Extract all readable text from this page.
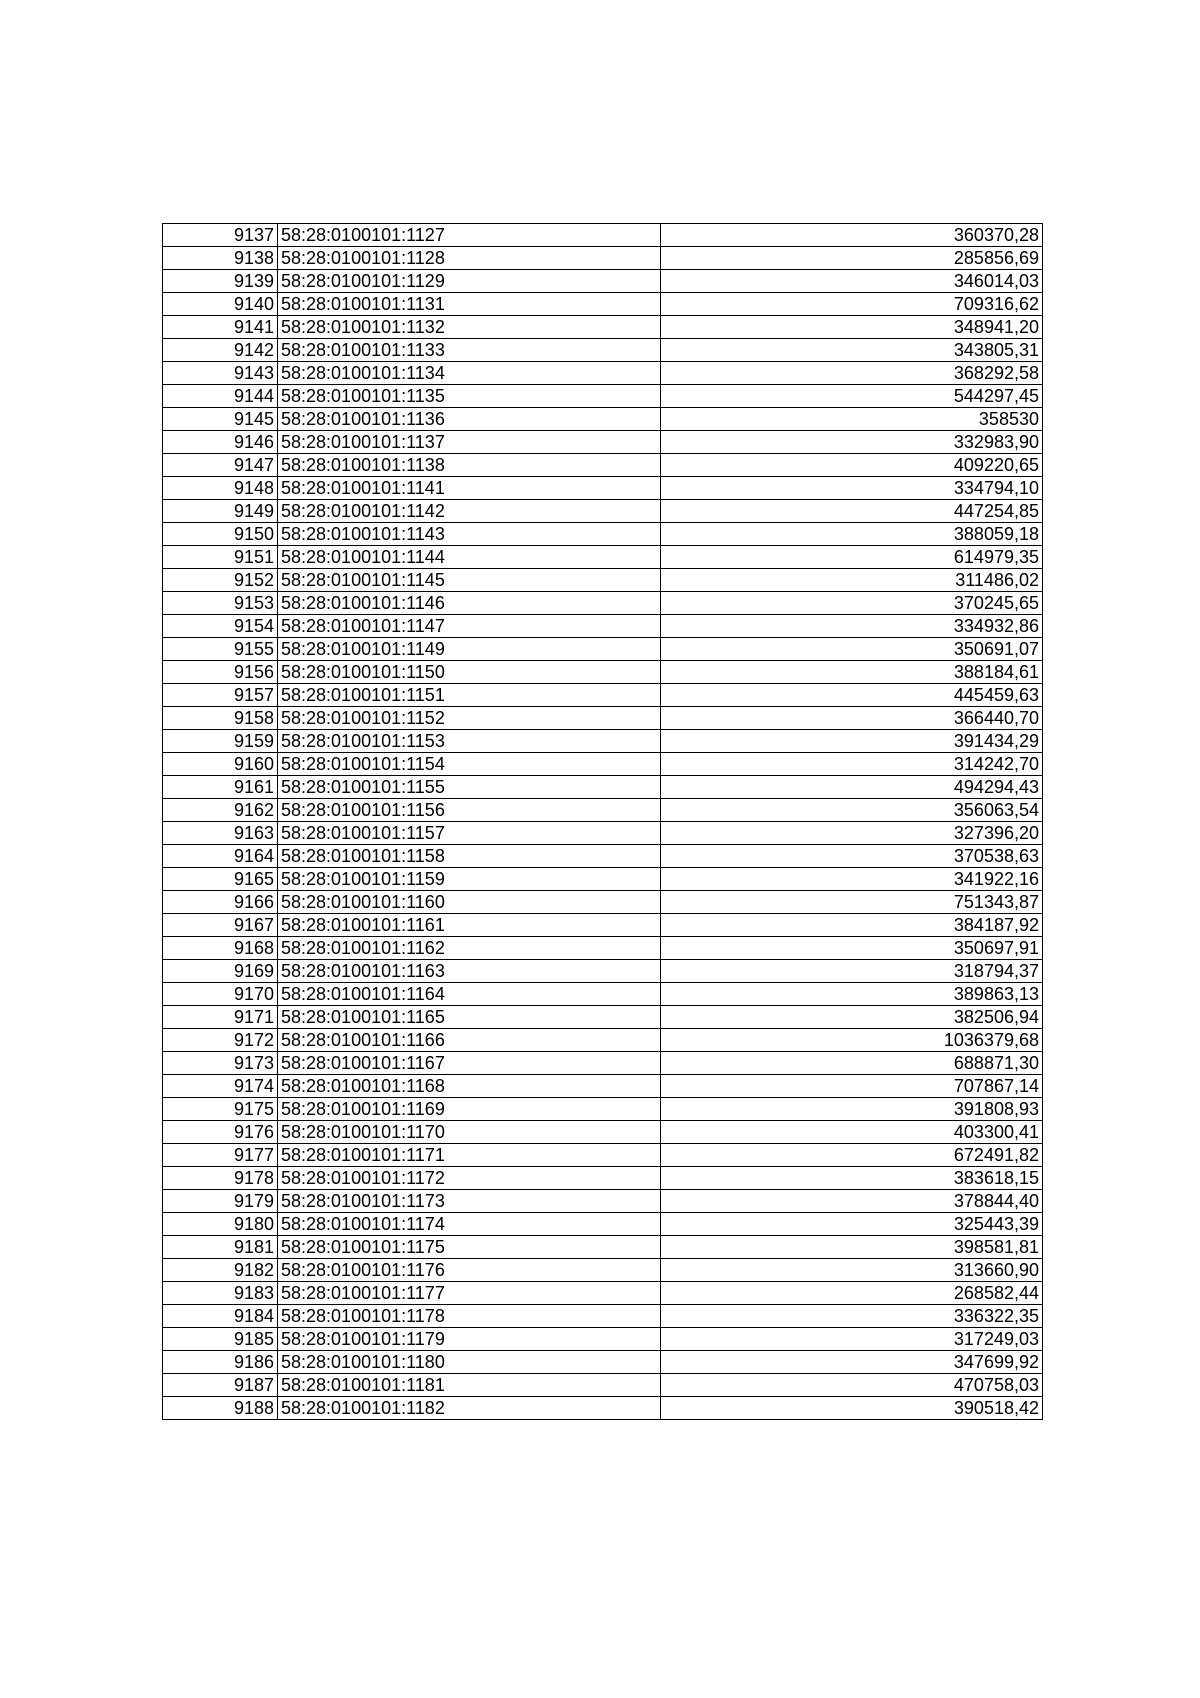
9137	58:28:0100101:1127	360370,28
9138	58:28:0100101:1128	285856,69
9139	58:28:0100101:1129	346014,03
9140	58:28:0100101:1131	709316,62
9141	58:28:0100101:1132	348941,20
9142	58:28:0100101:1133	343805,31
9143	58:28:0100101:1134	368292,58
9144	58:28:0100101:1135	544297,45
9145	58:28:0100101:1136	358530
9146	58:28:0100101:1137	332983,90
9147	58:28:0100101:1138	409220,65
9148	58:28:0100101:1141	334794,10
9149	58:28:0100101:1142	447254,85
9150	58:28:0100101:1143	388059,18
9151	58:28:0100101:1144	614979,35
9152	58:28:0100101:1145	311486,02
9153	58:28:0100101:1146	370245,65
9154	58:28:0100101:1147	334932,86
9155	58:28:0100101:1149	350691,07
9156	58:28:0100101:1150	388184,61
9157	58:28:0100101:1151	445459,63
9158	58:28:0100101:1152	366440,70
9159	58:28:0100101:1153	391434,29
9160	58:28:0100101:1154	314242,70
9161	58:28:0100101:1155	494294,43
9162	58:28:0100101:1156	356063,54
9163	58:28:0100101:1157	327396,20
9164	58:28:0100101:1158	370538,63
9165	58:28:0100101:1159	341922,16
9166	58:28:0100101:1160	751343,87
9167	58:28:0100101:1161	384187,92
9168	58:28:0100101:1162	350697,91
9169	58:28:0100101:1163	318794,37
9170	58:28:0100101:1164	389863,13
9171	58:28:0100101:1165	382506,94
9172	58:28:0100101:1166	1036379,68
9173	58:28:0100101:1167	688871,30
9174	58:28:0100101:1168	707867,14
9175	58:28:0100101:1169	391808,93
9176	58:28:0100101:1170	403300,41
9177	58:28:0100101:1171	672491,82
9178	58:28:0100101:1172	383618,15
9179	58:28:0100101:1173	378844,40
9180	58:28:0100101:1174	325443,39
9181	58:28:0100101:1175	398581,81
9182	58:28:0100101:1176	313660,90
9183	58:28:0100101:1177	268582,44
9184	58:28:0100101:1178	336322,35
9185	58:28:0100101:1179	317249,03
9186	58:28:0100101:1180	347699,92
9187	58:28:0100101:1181	470758,03
9188	58:28:0100101:1182	390518,42
